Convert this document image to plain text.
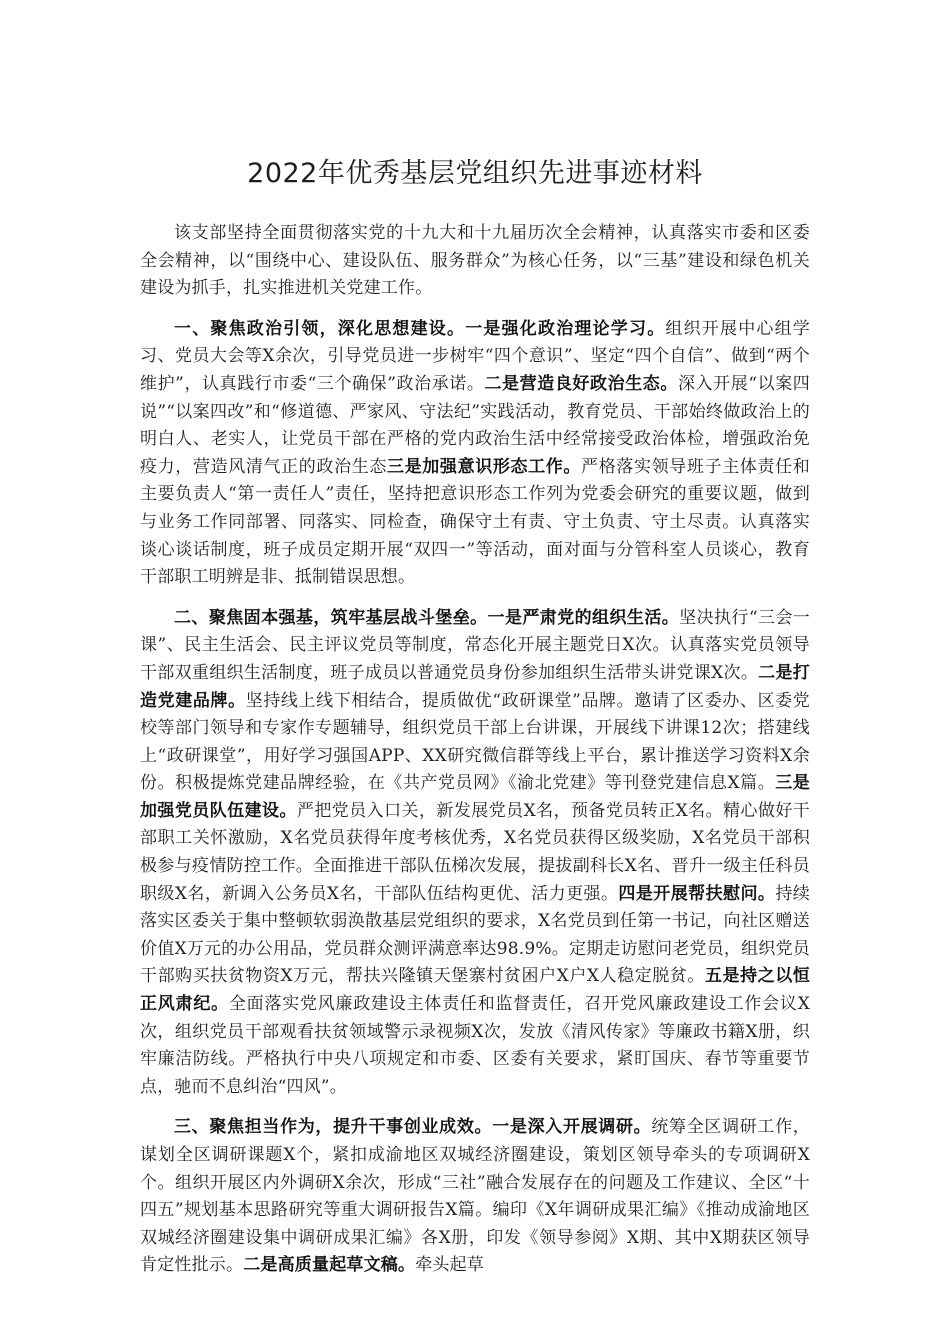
2022年优秀基层党组织先进事迹材料

该支部坚持全面贯彻落实党的十九大和十九届历次全会精神，认真落实市委和区委全会精神，以“围绕中心、建设队伍、服务群众”为核心任务，以“三基”建设和绿色机关建设为抓手，扎实推进机关党建工作。

一、聚焦政治引领，深化思想建设。一是强化政治理论学习。组织开展中心组学习、党员大会等X余次，引导党员进一步树牢“四个意识”、坚定“四个自信”、做到“两个维护”，认真践行市委“三个确保”政治承诺。二是营造良好政治生态。深入开展“以案四说”“以案四改”和“修道德、严家风、守法纪”实践活动，教育党员、干部始终做政治上的明白人、老实人，让党员干部在严格的党内政治生活中经常接受政治体检，增强政治免疫力，营造风清气正的政治生态三是加强意识形态工作。严格落实领导班子主体责任和主要负责人“第一责任人”责任，坚持把意识形态工作列为党委会研究的重要议题，做到与业务工作同部署、同落实、同检查，确保守土有责、守土负责、守土尽责。认真落实谈心谈话制度，班子成员定期开展“双四一”等活动，面对面与分管科室人员谈心，教育干部职工明辨是非、抵制错误思想。

二、聚焦固本强基，筑牢基层战斗堡垒。一是严肃党的组织生活。坚决执行“三会一课”、民主生活会、民主评议党员等制度，常态化开展主题党日X次。认真落实党员领导干部双重组织生活制度，班子成员以普通党员身份参加组织生活带头讲党课X次。二是打造党建品牌。坚持线上线下相结合，提质做优“政研课堂”品牌。邀请了区委办、区委党校等部门领导和专家作专题辅导，组织党员干部上台讲课，开展线下讲课12次；搭建线上“政研课堂”，用好学习强国APP、XX研究微信群等线上平台，累计推送学习资料X余份。积极提炼党建品牌经验，在《共产党员网》《渝北党建》等刊登党建信息X篇。三是加强党员队伍建设。严把党员入口关，新发展党员X名，预备党员转正X名。精心做好干部职工关怀激励，X名党员获得年度考核优秀，X名党员获得区级奖励，X名党员干部积极参与疫情防控工作。全面推进干部队伍梯次发展，提拔副科长X名、晋升一级主任科员职级X名，新调入公务员X名，干部队伍结构更优、活力更强。四是开展帮扶慰问。持续落实区委关于集中整顿软弱涣散基层党组织的要求，X名党员到任第一书记，向社区赠送价值X万元的办公用品，党员群众测评满意率达98.9%。定期走访慰问老党员，组织党员干部购买扶贫物资X万元，帮扶兴隆镇天堡寨村贫困户X户X人稳定脱贫。五是持之以恒正风肃纪。全面落实党风廉政建设主体责任和监督责任，召开党风廉政建设工作会议X次，组织党员干部观看扶贫领域警示录视频X次，发放《清风传家》等廉政书籍X册，织牢廉洁防线。严格执行中央八项规定和市委、区委有关要求，紧盯国庆、春节等重要节点，驰而不息纠治“四风”。

三、聚焦担当作为，提升干事创业成效。一是深入开展调研。统筹全区调研工作，谋划全区调研课题X个，紧扣成渝地区双城经济圈建设，策划区领导牵头的专项调研X个。组织开展区内外调研X余次，形成“三社”融合发展存在的问题及工作建议、全区“十四五”规划基本思路研究等重大调研报告X篇。编印《X年调研成果汇编》《推动成渝地区双城经济圈建设集中调研成果汇编》各X册，印发《领导参阅》X期、其中X期获区领导肯定性批示。二是高质量起草文稿。牵头起草
